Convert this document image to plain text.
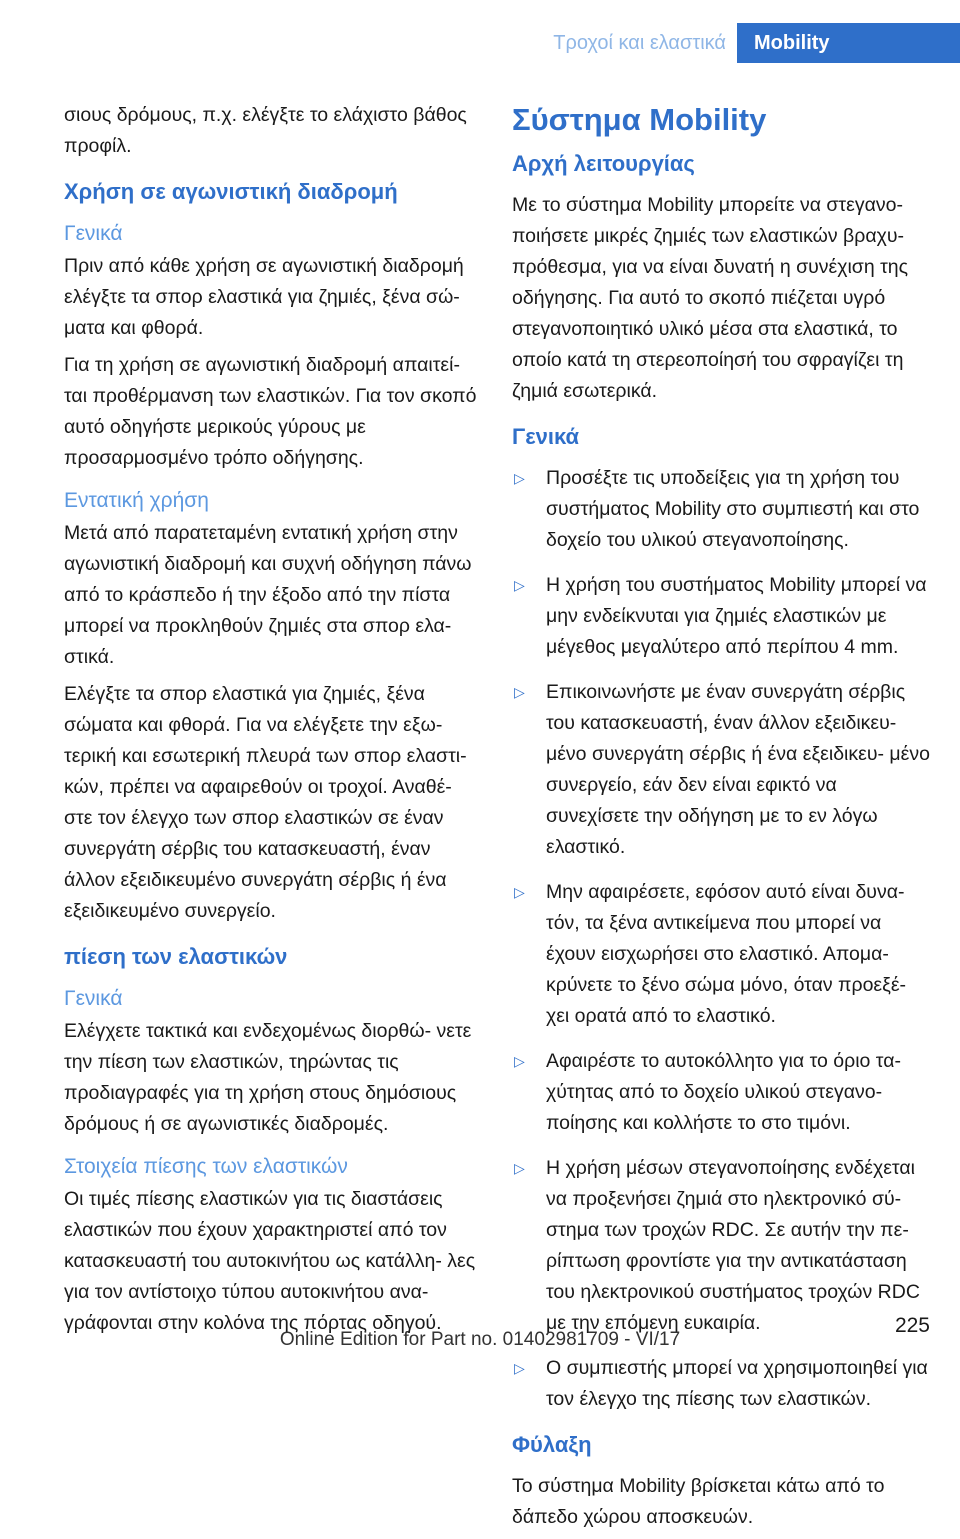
Τροχοί και ελαστικά	Mobility

σιους δρόμους, π.χ. ελέγξτε το ελάχιστο βάθος προφίλ.

Χρήση σε αγωνιστική διαδρομή
Γενικά

Πριν από κάθε χρήση σε αγωνιστική διαδρομή ελέγξτε τα σπορ ελαστικά για ζημιές, ξένα σώ‐ ματα και φθορά.

Για τη χρήση σε αγωνιστική διαδρομή απαιτεί‐ ται προθέρμανση των ελαστικών. Για τον σκοπό αυτό οδηγήστε μερικούς γύρους με προσαρμοσμένο τρόπο οδήγησης.

Εντατική χρήση

Μετά από παρατεταμένη εντατική χρήση στην αγωνιστική διαδρομή και συχνή οδήγηση πάνω από το κράσπεδο ή την έξοδο από την πίστα μπορεί να προκληθούν ζημιές στα σπορ ελα‐ στικά.

Ελέγξτε τα σπορ ελαστικά για ζημιές, ξένα σώματα και φθορά. Για να ελέγξετε την εξω‐ τερική και εσωτερική πλευρά των σπορ ελαστι‐ κών, πρέπει να αφαιρεθούν οι τροχοί. Αναθέ‐ στε τον έλεγχο των σπορ ελαστικών σε έναν συνεργάτη σέρβις του κατασκευαστή, έναν άλλον εξειδικευμένο συνεργάτη σέρβις ή ένα εξειδικευμένο συνεργείο.

πίεση των ελαστικών
Γενικά

Ελέγχετε τακτικά και ενδεχομένως διορθώ‐ νετε την πίεση των ελαστικών, τηρώντας τις προδιαγραφές για τη χρήση στους δημόσιους δρόμους ή σε αγωνιστικές διαδρομές.

Στοιχεία πίεσης των ελαστικών

Οι τιμές πίεσης ελαστικών για τις διαστάσεις ελαστικών που έχουν χαρακτηριστεί από τον κατασκευαστή του αυτοκινήτου ως κατάλλη‐ λες για τον αντίστοιχο τύπου αυτοκινήτου ανα‐ γράφονται στην κολόνα της πόρτας οδηγού.

Σύστημα Mobility
Αρχή λειτουργίας

Με το σύστημα Mobility μπορείτε να στεγανο‐ ποιήσετε μικρές ζημιές των ελαστικών βραχυ‐ πρόθεσμα, για να είναι δυνατή η συνέχιση της οδήγησης. Για αυτό το σκοπό πιέζεται υγρό στεγανοποιητικό υλικό μέσα στα ελαστικά, το οποίο κατά τη στερεοποίησή του σφραγίζει τη ζημιά εσωτερικά.

Γενικά
▷ Προσέξτε τις υποδείξεις για τη χρήση του συστήματος Mobility στο συμπιεστή και στο δοχείο του υλικού στεγανοποίησης.
▷ Η χρήση του συστήματος Mobility μπορεί να μην ενδείκνυται για ζημιές ελαστικών με μέγεθος μεγαλύτερο από περίπου 4 mm.
▷ Επικοινωνήστε με έναν συνεργάτη σέρβις του κατασκευαστή, έναν άλλον εξειδικευ‐ μένο συνεργάτη σέρβις ή ένα εξειδικευ‐ μένο συνεργείο, εάν δεν είναι εφικτό να συνεχίσετε την οδήγηση με το εν λόγω ελαστικό.
▷ Μην αφαιρέσετε, εφόσον αυτό είναι δυνα‐ τόν, τα ξένα αντικείμενα που μπορεί να έχουν εισχωρήσει στο ελαστικό. Απομα‐ κρύνετε το ξένο σώμα μόνο, όταν προεξέ‐ χει ορατά από το ελαστικό.
▷ Αφαιρέστε το αυτοκόλλητο για το όριο τα‐ χύτητας από το δοχείο υλικού στεγανο‐ ποίησης και κολλήστε το στο τιμόνι.
▷ Η χρήση μέσων στεγανοποίησης ενδέχεται να προξενήσει ζημιά στο ηλεκτρονικό σύ‐ στημα των τροχών RDC. Σε αυτήν την πε‐ ρίπτωση φροντίστε για την αντικατάσταση του ηλεκτρονικού συστήματος τροχών RDC με την επόμενη ευκαιρία.
▷ Ο συμπιεστής μπορεί να χρησιμοποιηθεί για τον έλεγχο της πίεσης των ελαστικών.
Φύλαξη

Το σύστημα Mobility βρίσκεται κάτω από το δάπεδο χώρου αποσκευών.

225
Online Edition for Part no. 01402981709 - VI/17
